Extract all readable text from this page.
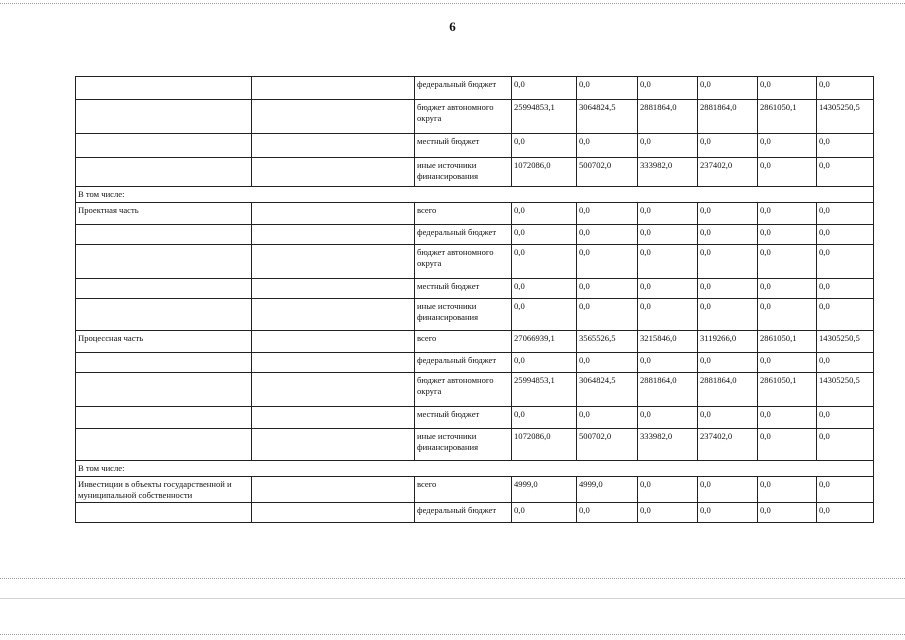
6
		федеральный бюджет	0,0	0,0	0,0	0,0	0,0	0,0
		бюджет автономного округа	25994853,1	3064824,5	2881864,0	2881864,0	2861050,1	14305250,5
		местный бюджет	0,0	0,0	0,0	0,0	0,0	0,0
		иные источники финансирования	1072086,0	500702,0	333982,0	237402,0	0,0	0,0
В том числе:								
Проектная часть		всего	0,0	0,0	0,0	0,0	0,0	0,0
		федеральный бюджет	0,0	0,0	0,0	0,0	0,0	0,0
		бюджет автономного округа	0,0	0,0	0,0	0,0	0,0	0,0
		местный бюджет	0,0	0,0	0,0	0,0	0,0	0,0
		иные источники финансирования	0,0	0,0	0,0	0,0	0,0	0,0
Процессная часть		всего	27066939,1	3565526,5	3215846,0	3119266,0	2861050,1	14305250,5
		федеральный бюджет	0,0	0,0	0,0	0,0	0,0	0,0
		бюджет автономного округа	25994853,1	3064824,5	2881864,0	2881864,0	2861050,1	14305250,5
		местный бюджет	0,0	0,0	0,0	0,0	0,0	0,0
		иные источники финансирования	1072086,0	500702,0	333982,0	237402,0	0,0	0,0
В том числе:								
Инвестиции в объекты государственной и муниципальной собственности		всего	4999,0	4999,0	0,0	0,0	0,0	0,0
		федеральный бюджет	0,0	0,0	0,0	0,0	0,0	0,0
